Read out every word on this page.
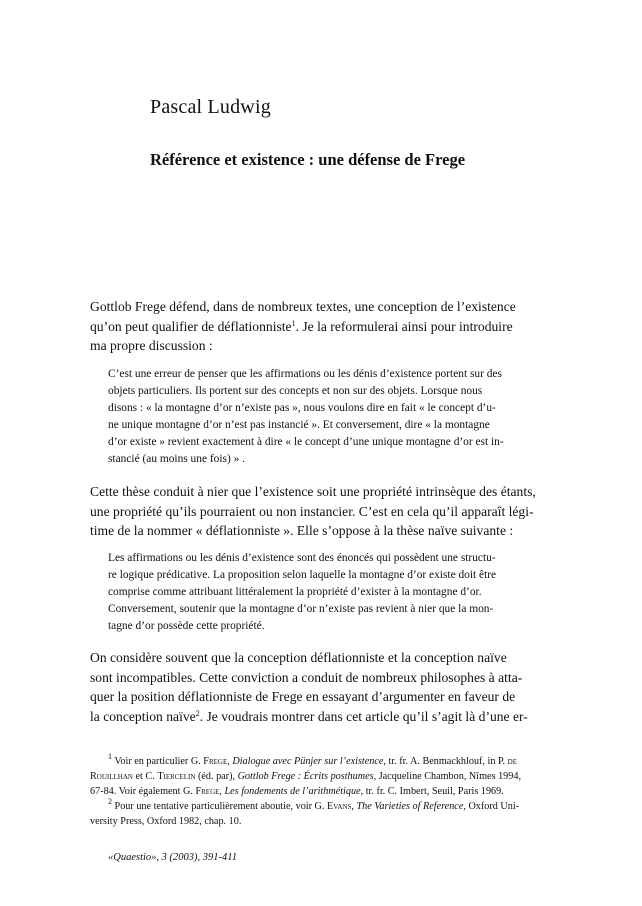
Pascal Ludwig
Référence et existence : une défense de Frege
Gottlob Frege défend, dans de nombreux textes, une conception de l’existence
qu’on peut qualifier de déflationniste$^1$. Je la reformulerai ainsi pour introduire
ma propre discussion :
C’est une erreur de penser que les affirmations ou les dénis d’existence portent sur des
objets particuliers. Ils portent sur des concepts et non sur des objets. Lorsque nous
disons : « la montagne d’or n’existe pas », nous voulons dire en fait « le concept d’u-
ne unique montagne d’or n’est pas instancié ». Et conversement, dire « la montagne
d’or existe » revient exactement à dire « le concept d’une unique montagne d’or est in-
stancié (au moins une fois) » .
Cette thèse conduit à nier que l’existence soit une propriété intrinsèque des étants,
une propriété qu’ils pourraient ou non instancier. C’est en cela qu’il apparaît légi-
time de la nommer « déflationniste ». Elle s’oppose à la thèse naïve suivante :
Les affirmations ou les dénis d’existence sont des énoncés qui possèdent une structu-
re logique prédicative. La proposition selon laquelle la montagne d’or existe doit être
comprise comme attribuant littéralement la propriété d’exister à la montagne d’or.
Conversement, soutenir que la montagne d’or n’existe pas revient à nier que la mon-
tagne d’or possède cette propriété.
On considère souvent que la conception déflationniste et la conception naïve
sont incompatibles. Cette conviction a conduit de nombreux philosophes à atta-
quer la position déflationniste de Frege en essayant d’argumenter en faveur de
la conception naïve$^2$. Je voudrais montrer dans cet article qu’il s’agit là d’une er-
$^1$ Voir en particulier G. Frege, Dialogue avec Pünjer sur l’existence, tr. fr. A. Benmackhlouf, in P. de
Rouillhan et C. Tiercelin (éd. par), Gottlob Frege : Écrits posthumes, Jacqueline Chambon, Nîmes 1994,
67-84. Voir également G. Frege, Les fondements de l’arithmétique, tr. fr. C. Imbert, Seuil, Paris 1969.
$^2$ Pour une tentative particulièrement aboutie, voir G. Evans, The Varieties of Reference, Oxford Uni-
versity Press, Oxford 1982, chap. 10.
«Quaestio», 3 (2003), 391-411
